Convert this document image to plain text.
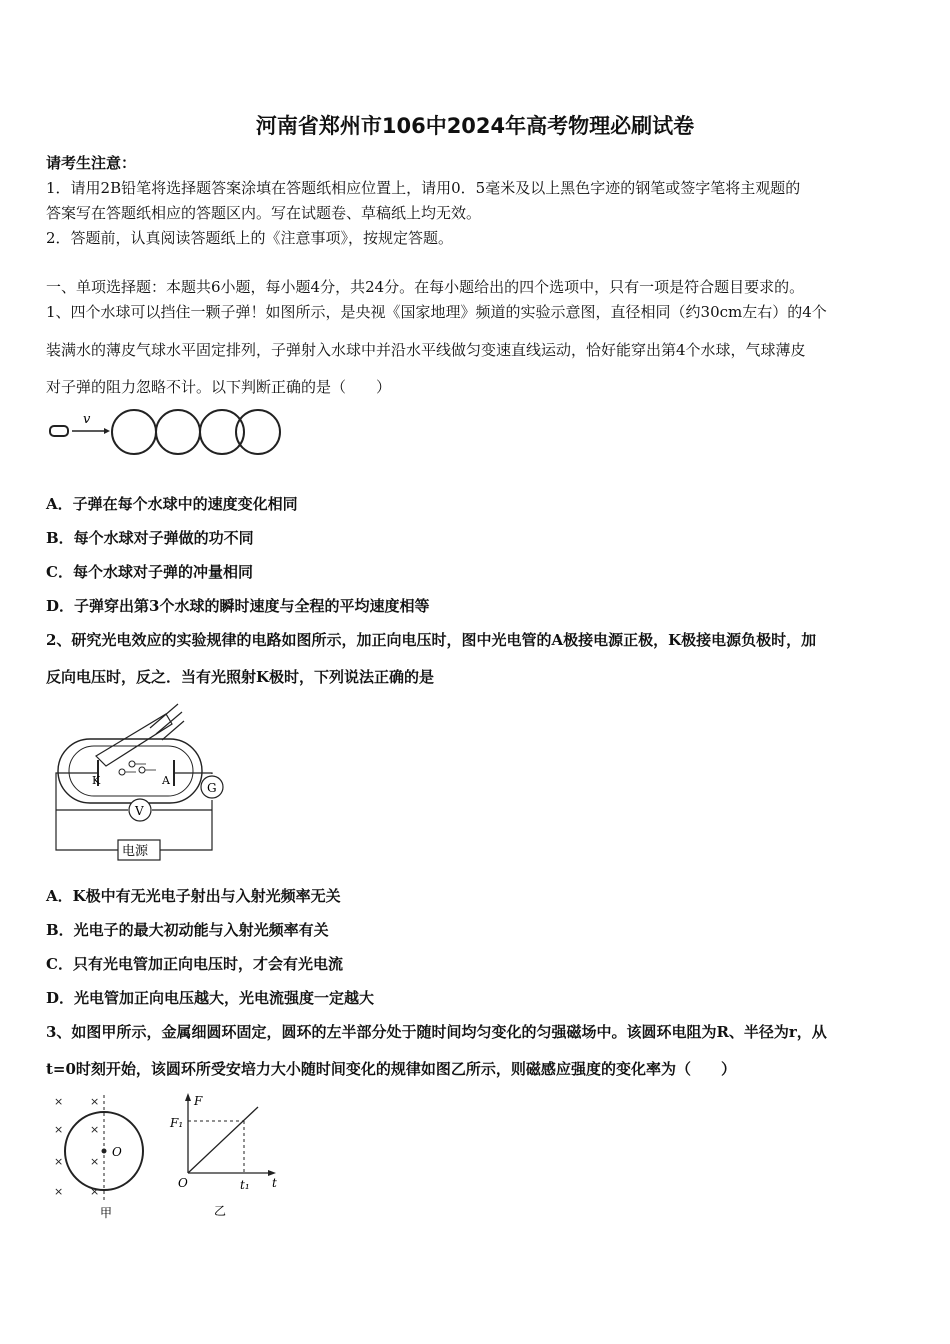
河南省郑州市106中2024年高考物理必刷试卷
请考生注意：
1．请用2B铅笔将选择题答案涂填在答题纸相应位置上，请用0．5毫米及以上黑色字迹的钢笔或签字笔将主观题的
答案写在答题纸相应的答题区内。写在试题卷、草稿纸上均无效。
2．答题前，认真阅读答题纸上的《注意事项》，按规定答题。
一、单项选择题：本题共6小题，每小题4分，共24分。在每小题给出的四个选项中，只有一项是符合题目要求的。
1、四个水球可以挡住一颗子弹！如图所示，是央视《国家地理》频道的实验示意图，直径相同（约30cm左右）的4个
装满水的薄皮气球水平固定排列，子弹射入水球中并沿水平线做匀变速直线运动，恰好能穿出第4个水球，气球薄皮
对子弹的阻力忽略不计。以下判断正确的是（　　）
v
A．子弹在每个水球中的速度变化相同
B．每个水球对子弹做的功不同
C．每个水球对子弹的冲量相同
D．子弹穿出第3个水球的瞬时速度与全程的平均速度相等
2、研究光电效应的实验规律的电路如图所示，加正向电压时，图中光电管的A极接电源正极，K极接电源负极时，加
反向电压时，反之．当有光照射K极时，下列说法正确的是
K	A
G
V
电源
A．K极中有无光电子射出与入射光频率无关
B．光电子的最大初动能与入射光频率有关
C．只有光电管加正向电压时，才会有光电流
D．光电管加正向电压越大，光电流强度一定越大
3、如图甲所示，金属细圆环固定，圆环的左半部分处于随时间均匀变化的匀强磁场中。该圆环电阻为R、半径为r，从
t=0时刻开始，该圆环所受安培力大小随时间变化的规律如图乙所示，则磁感应强度的变化率为（　　）
× ×
× ×
× ×
× ×
O
甲
F
t
O
F₁
t₁
乙
